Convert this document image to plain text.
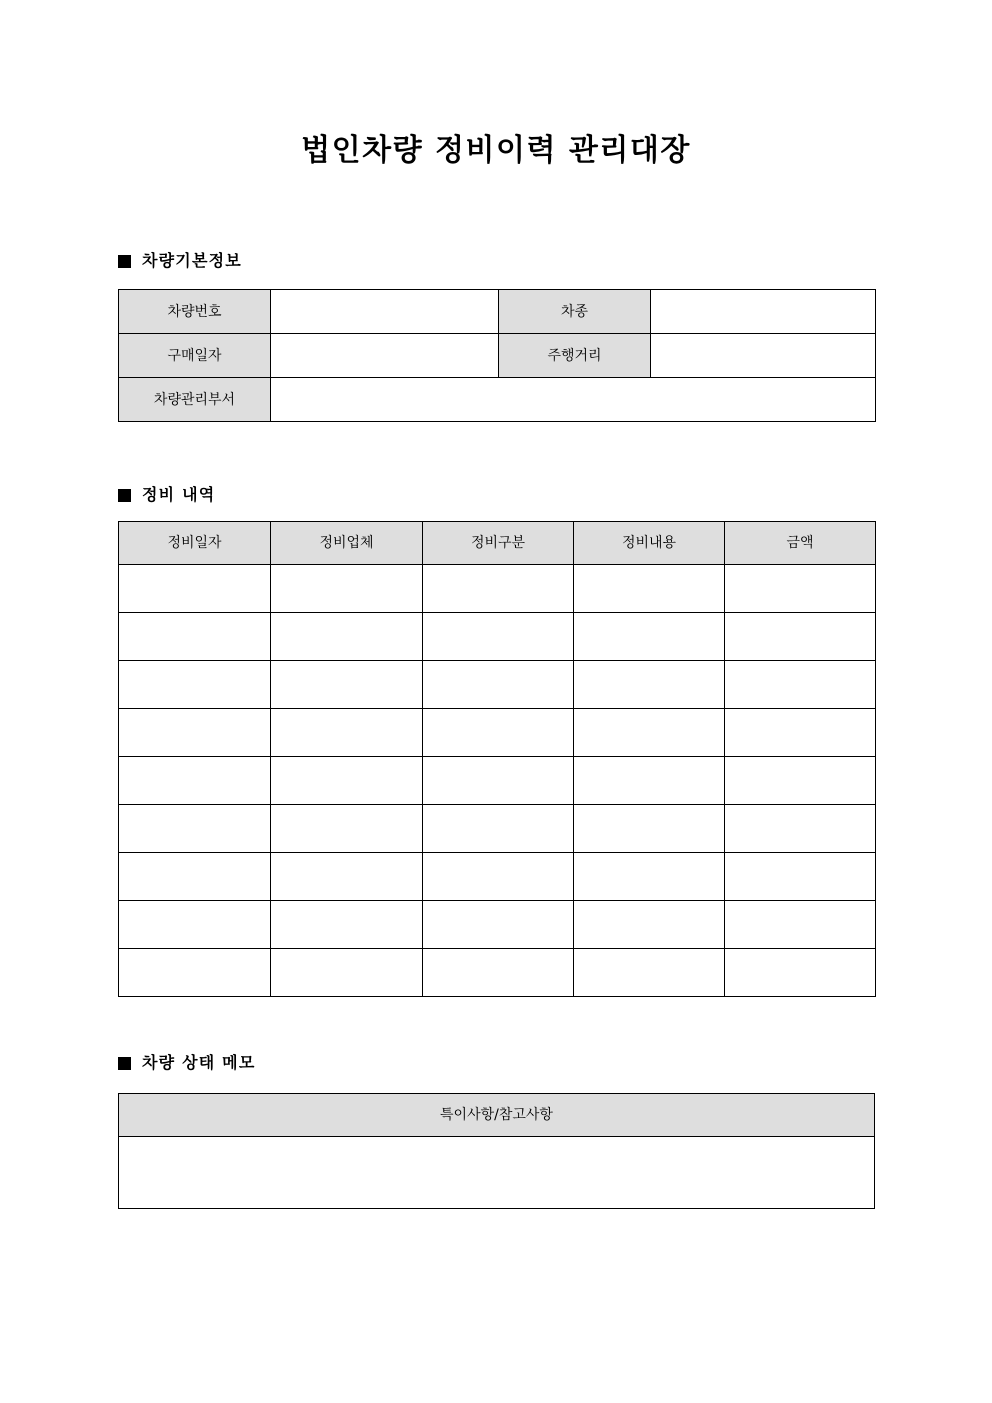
법인차량 정비이력 관리대장
차량기본정보
차량번호		차종	
구매일자		주행거리	
차량관리부서			
정비 내역
정비일자	정비업체	정비구분	정비내용	금액

차량 상태 메모
특이사항/참고사항
